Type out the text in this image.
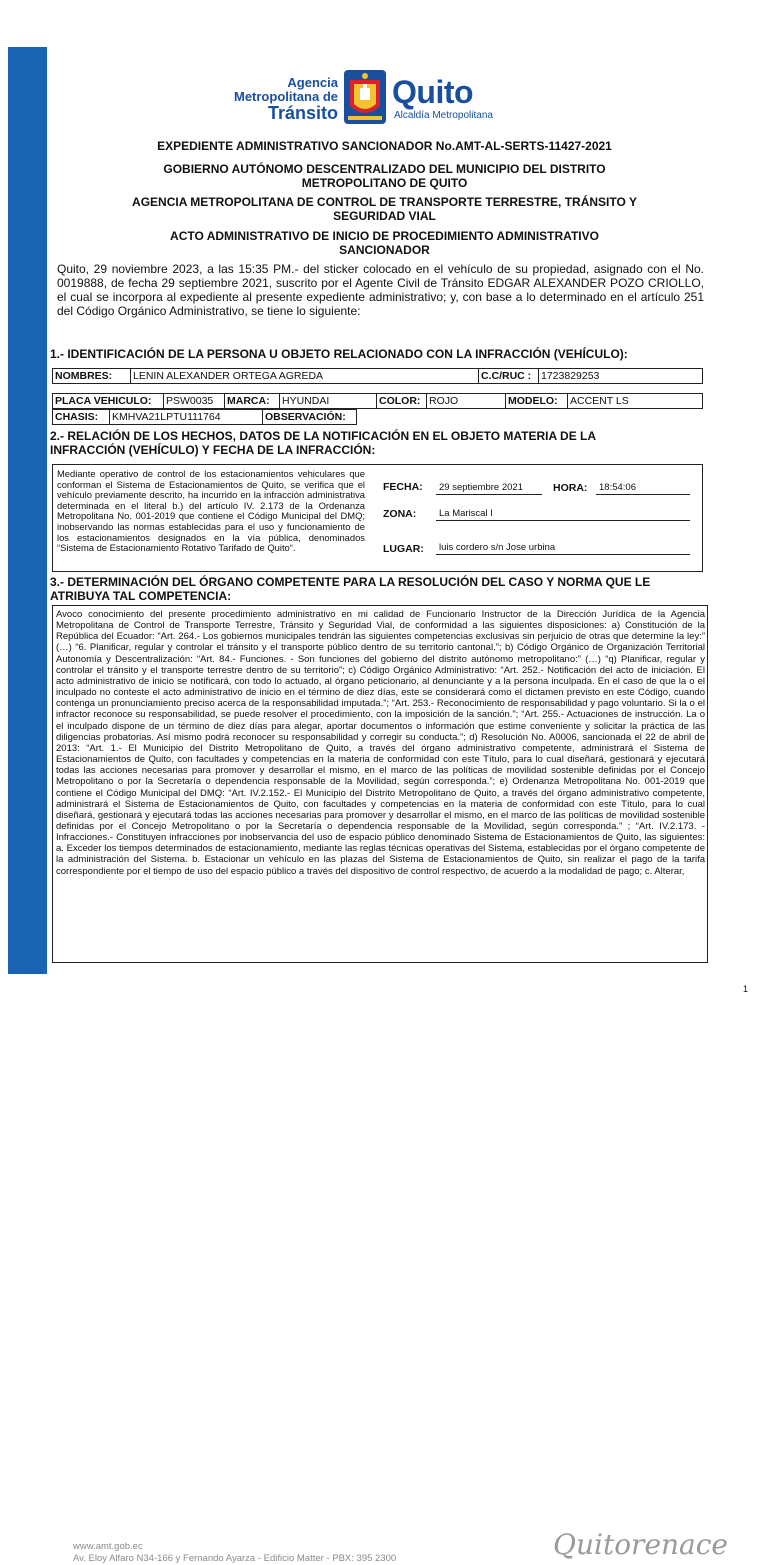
Agencia
Metropolitana de
Tránsito
Quito
Alcaldía Metropolitana
EXPEDIENTE ADMINISTRATIVO SANCIONADOR No.AMT-AL-SERTS-11427-2021
GOBIERNO AUTÓNOMO DESCENTRALIZADO DEL MUNICIPIO DEL DISTRITO
METROPOLITANO DE QUITO
AGENCIA METROPOLITANA DE CONTROL DE TRANSPORTE TERRESTRE, TRÁNSITO Y
SEGURIDAD VIAL
ACTO ADMINISTRATIVO DE INICIO DE PROCEDIMIENTO ADMINISTRATIVO
SANCIONADOR
Quito, 29 noviembre 2023, a las 15:35 PM.- del sticker colocado en el vehículo de su propiedad, asignado con el No. 0019888, de fecha 29 septiembre 2021, suscrito por el Agente Civil de Tránsito EDGAR ALEXANDER POZO CRIOLLO, el cual se incorpora al expediente al presente expediente administrativo; y, con base a lo determinado en el artículo 251 del Código Orgánico Administrativo, se tiene lo siguiente:
1.- IDENTIFICACIÓN DE LA PERSONA U OBJETO RELACIONADO CON LA INFRACCIÓN (VEHÍCULO):
NOMBRES:	LENIN ALEXANDER ORTEGA AGREDA	C.C/RUC : 1723829253
PLACA VEHICULO:	PSW0035	MARCA:	HYUNDAI	COLOR: ROJO	MODELO:	ACCENT LS
CHASIS:	KMHVA21LPTU111764	OBSERVACIÓN:
2.- RELACIÓN DE LOS HECHOS, DATOS DE LA NOTIFICACIÓN EN EL OBJETO MATERIA DE LA
INFRACCIÓN (VEHÍCULO) Y FECHA DE LA INFRACCIÓN:
Mediante operativo de control de los estacionamientos vehiculares que conforman el Sistema de Estacionamientos de Quito, se verifica que el vehículo previamente descrito, ha incurrido en la infracción administrativa determinada en el literal b.) del artículo IV. 2.173 de la Ordenanza Metropolitana No. 001-2019 que contiene el Código Municipal del DMQ; inobservando las normas establecidas para el uso y funcionamiento de los estacionamientos designados en la vía pública, denominados “Sistema de Estacionamiento Rotativo Tarifado de Quito“.
FECHA:	29 septiembre 2021	HORA:	18:54:06
ZONA:	La Mariscal I
LUGAR:	luis cordero s/n Jose urbina
3.- DETERMINACIÓN DEL ÓRGANO COMPETENTE PARA LA RESOLUCIÓN DEL CASO Y NORMA QUE LE
ATRIBUYA TAL COMPETENCIA:
Avoco conocimiento del presente procedimiento administrativo en mi calidad de Funcionario Instructor de la Dirección Jurídica de la Agencia Metropolitana de Control de Transporte Terrestre, Tránsito y Seguridad Vial, de conformidad a las siguientes disposiciones: a) Constitución de la República del Ecuador: “Art. 264.- Los gobiernos municipales tendrán las siguientes competencias exclusivas sin perjuicio de otras que determine la ley:” (…) “6. Planificar, regular y controlar el tránsito y el transporte público dentro de su territorio cantonal.”; b) Código Orgánico de Organización Territorial Autonomía y Descentralización: “Art. 84.- Funciones. - Son funciones del gobierno del distrito autónomo metropolitano:” (…) “q) Planificar, regular y controlar el tránsito y el transporte terrestre dentro de su territorio”; c) Código Orgánico Administrativo: “Art. 252.- Notificación del acto de iniciación. El acto administrativo de inicio se notificará, con todo lo actuado, al órgano peticionario, al denunciante y a la persona inculpada. En el caso de que la o el inculpado no conteste el acto administrativo de inicio en el término de diez días, este se considerará como el dictamen previsto en este Código, cuando contenga un pronunciamiento preciso acerca de la responsabilidad imputada.”; “Art. 253.- Reconocimiento de responsabilidad y pago voluntario. Si la o el infractor reconoce su responsabilidad, se puede resolver el procedimiento, con la imposición de la sanción.”; “Art. 255.- Actuaciones de instrucción. La o el inculpado dispone de un término de diez días para alegar, aportar documentos o información que estime conveniente y solicitar la práctica de las diligencias probatorias. Así mismo podrá reconocer su responsabilidad y corregir su conducta.”; d) Resolución No. A0006, sancionada el 22 de abril de 2013: “Art. 1.- El Municipio del Distrito Metropolitano de Quito, a través del órgano administrativo competente, administrará el Sistema de Estacionamientos de Quito, con facultades y competencias en la materia de conformidad con este Título, para lo cual diseñará, gestionará y ejecutará todas las acciones necesarias para promover y desarrollar el mismo, en el marco de las políticas de movilidad sostenible definidas por el Concejo Metropolitano o por la Secretaría o dependencia responsable de la Movilidad, según corresponda.”; e) Ordenanza Metropolitana No. 001-2019 que contiene el Código Municipal del DMQ: “Art. IV.2.152.- El Municipio del Distrito Metropolitano de Quito, a través del órgano administrativo competente, administrará el Sistema de Estacionamientos de Quito, con facultades y competencias en la materia de conformidad con este Título, para lo cual diseñará, gestionará y ejecutará todas las acciones necesarias para promover y desarrollar el mismo, en el marco de las políticas de movilidad sostenible definidas por el Concejo Metropolitano o por la Secretaría o dependencia responsable de la Movilidad, según corresponda.” ; “Art. IV.2.173. - Infracciones.- Constituyen infracciones por inobservancia del uso de espacio público denominado Sistema de Estacionamientos de Quito, las siguientes: a. Exceder los tiempos determinados de estacionamiento, mediante las reglas técnicas operativas del Sistema, establecidas por el órgano competente de la administración del Sistema. b. Estacionar un vehículo en las plazas del Sistema de Estacionamientos de Quito, sin realizar el pago de la tarifa correspondiente por el tiempo de uso del espacio público a través del dispositivo de control respectivo, de acuerdo a la modalidad de pago; c. Alterar,
www.amt.gob.ec
Av. Eloy Alfaro N34-166 y Fernando Ayarza - Edificio Matter - PBX: 395 2300	Quitorenace
1
